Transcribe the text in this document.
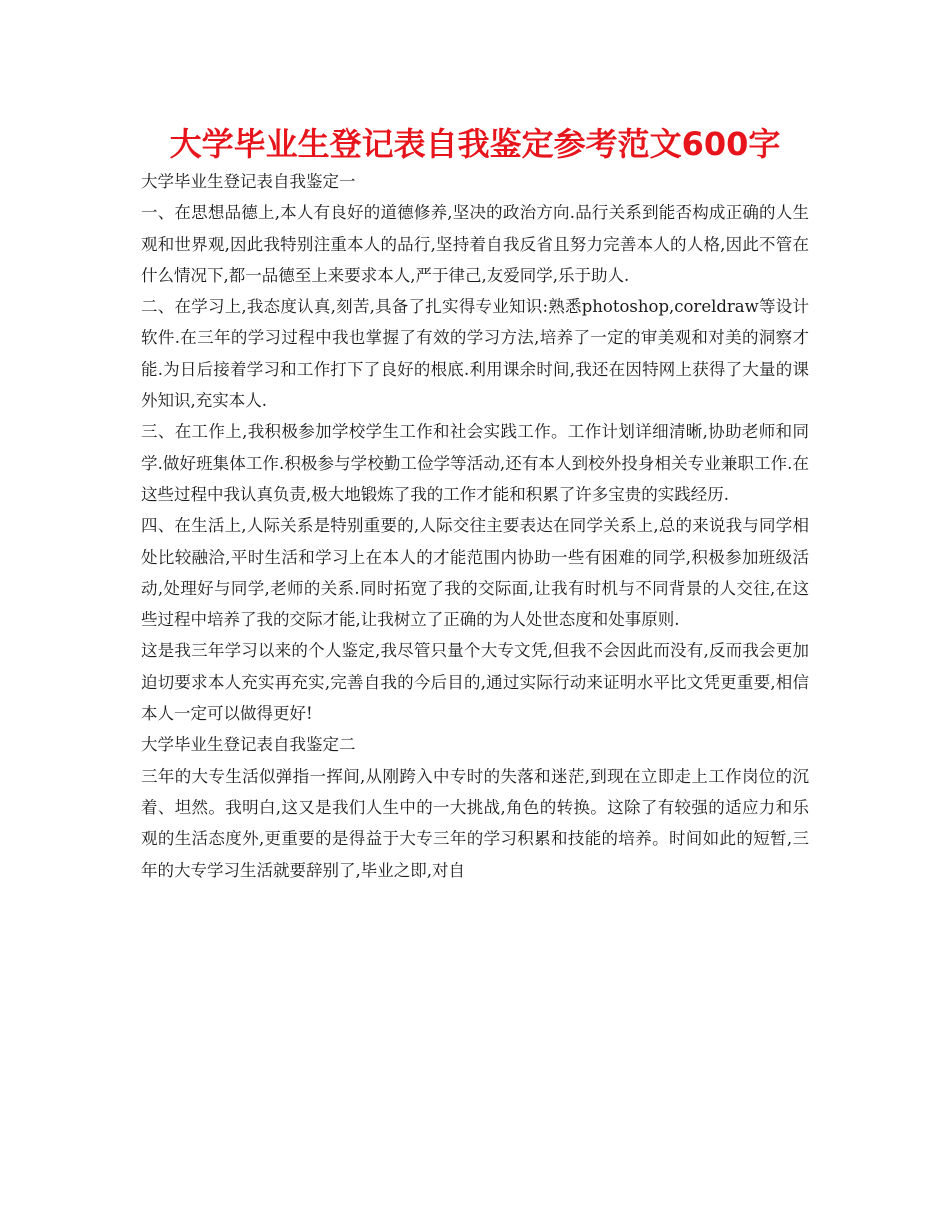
大学毕业生登记表自我鉴定参考范文600字

大学毕业生登记表自我鉴定一

一、在思想品德上,本人有良好的道德修养,坚决的政治方向.品行关系到能否构成正确的人生观和世界观,因此我特别注重本人的品行,坚持着自我反省且努力完善本人的人格,因此不管在什么情况下,都一品德至上来要求本人,严于律己,友爱同学,乐于助人.

二、在学习上,我态度认真,刻苦,具备了扎实得专业知识:熟悉photoshop,coreldraw等设计软件.在三年的学习过程中我也掌握了有效的学习方法,培养了一定的审美观和对美的洞察才能.为日后接着学习和工作打下了良好的根底.利用课余时间,我还在因特网上获得了大量的课外知识,充实本人.

三、在工作上,我积极参加学校学生工作和社会实践工作。工作计划详细清晰,协助老师和同学.做好班集体工作.积极参与学校勤工俭学等活动,还有本人到校外投身相关专业兼职工作.在这些过程中我认真负责,极大地锻炼了我的工作才能和积累了许多宝贵的实践经历.

四、在生活上,人际关系是特别重要的,人际交往主要表达在同学关系上,总的来说我与同学相处比较融洽,平时生活和学习上在本人的才能范围内协助一些有困难的同学,积极参加班级活动,处理好与同学,老师的关系.同时拓宽了我的交际面,让我有时机与不同背景的人交往,在这些过程中培养了我的交际才能,让我树立了正确的为人处世态度和处事原则.

这是我三年学习以来的个人鉴定,我尽管只量个大专文凭,但我不会因此而没有,反而我会更加迫切要求本人充实再充实,完善自我的今后目的,通过实际行动来证明水平比文凭更重要,相信本人一定可以做得更好!

大学毕业生登记表自我鉴定二

三年的大专生活似弹指一挥间,从刚跨入中专时的失落和迷茫,到现在立即走上工作岗位的沉着、坦然。我明白,这又是我们人生中的一大挑战,角色的转换。这除了有较强的适应力和乐观的生活态度外,更重要的是得益于大专三年的学习积累和技能的培养。时间如此的短暂,三年的大专学习生活就要辞别了,毕业之即,对自
